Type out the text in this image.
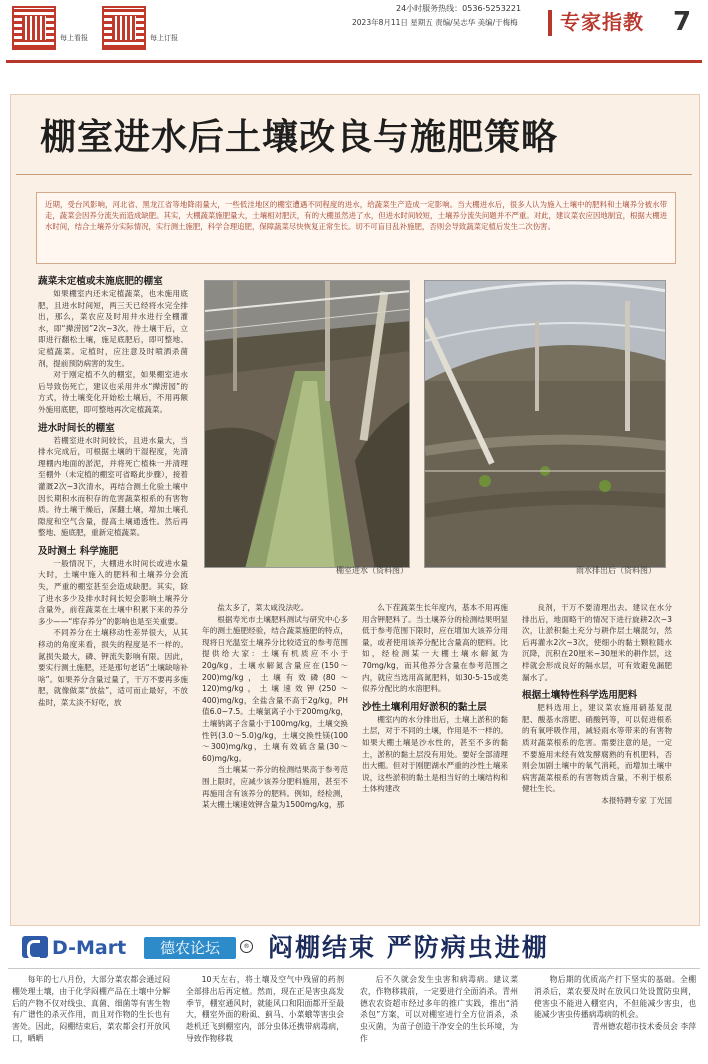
每上看报	每上订报
24小时服务热线：0536-5253221
2023年8月11日 星期五 责编/吴志华 美编/于梅梅 专家指教	7
棚室进水后土壤改良与施肥策略
近期，受台风影响，河北省、黑龙江省等地降雨量大，一些低洼地区的棚室遭遇不同程度的进水，给蔬菜生产造成一定影响。当大棚进水后，很多人认为施入土壤中的肥料和土壤养分被水带走，蔬菜会因养分流失而造成缺肥。其实，大棚蔬菜施肥量大，土壤相对肥沃，有的大棚虽然进了水，但进水时间较短，土壤养分流失问题并不严重。对此，建议菜农应因地制宜，根据大棚进水时间，结合土壤养分实际情况，实行测土施肥，科学合理追肥，保障蔬菜尽快恢复正常生长。切不可盲目乱补施肥，否则会导致蔬菜定植后发生二次伤害。
棚室进水（资料图）	雨水排出后（资料图）

蔬菜未定植或未施底肥的棚室

如果棚室内还未定植蔬菜，也未施用底肥，且进水时间短，两三天已经将水完全排出，那么，菜农应及时用井水进行全棚灌水，即“撵涝园”2次~3次。待土壤干后，立即进行翻松土壤，施足底肥后，即可整地、定植蔬菜。定植时，应注意及时喷洒杀菌剂，提前预防病害的发生。

对于刚定植不久的棚室，如果棚室进水后导致伤死亡，建议也采用井水“撵涝园”的方式，待土壤变化开始松土壤后，不用再额外施用底肥，即可整地再次定植蔬菜。

进水时间长的棚室

若棚室进水时间较长，且进水量大，当排水完成后，可根据土壤的干湿程度，先清理棚内地面的淤泥，并将死亡植株一并清理至棚外（未定植的棚室可省略此步骤），接着灌溉2次~3次清水，再结合测土化验土壤中因长期积水而积存的危害蔬菜根系的有害物质。待土壤干燥后，深翻土壤，增加土壤孔隙度和空气含量，提高土壤通透性。然后再整地、施底肥，重新定植蔬菜。

及时测土 科学施肥

一般情况下，大棚进水时间长或进水量大时，土壤中施入的肥料和土壤养分会流失，严重的棚室甚至会造成缺肥。其实，除了进水多少及排水时间长短会影响土壤养分含量外，前茬蔬菜在土壤中积累下来的养分多少——“库存养分”的影响也是至关重要。

不同养分在土壤移动性差异很大，从其移动的角度来看，损失的程度是不一样的。氮损失最大，磷、钾流失影响有限。因此，要实行测土施肥，还是那句老话“土壤缺啥补啥”。如果养分含量过量了，干万不要再多施肥，就像做菜“放盐”，适可而止最好，不放盐时，菜太淡不好吃，放

盐太多了，菜太咸没法吃。

根据寿光市土壤肥料测试与研究中心多年的测土施肥经验，结合蔬菜施肥的特点，现将日光温室土壤养分比较适宜的参考范围提供给大家：土壤有机质应不小于20g/kg，土壤水解氮含量应在(150～200)mg/kg，土壤有效磷(80～120)mg/kg，土壤速效钾(250～400)mg/kg，全盐含量不高于2g/kg，PH值6.0~7.5。土壤氯离子小于200mg/kg，土壤钠离子含量小于100mg/kg，土壤交换性钙(3.0～5.0)g/kg，土壤交换性镁(100～300)mg/kg，土壤有效硫含量(30～60)mg/kg。

当土壤某一养分的检测结果高于参考范围上限时，应减少该养分肥料施用，甚至不再施用含有该养分的肥料。例如，经检测，某大棚土壤速效钾含量为1500mg/kg，那

么下茬蔬菜生长年度内，基本不用再施用含钾肥料了。当土壤养分的检测结果明显低于参考范围下限时，应在增加大该养分用量，或者使用该养分配比含量高的肥料。比如，经检测某一大棚土壤水解氮为70mg/kg，而其他养分含量在参考范围之内，就应当选用高氮肥料，如30-5-15或类似养分配比的水溶肥料。

沙性土壤利用好淤积的黏土层

棚室内的水分排出后，土壤上淤积的黏土层，对于不同的土壤，作用是不一样的。如果大棚土壤是沙水性的，甚至不多的黏土，淤积的黏土层没有用处。要好全部清理出大棚。但对于刚肥湖水严重的沙性土壤来说，这些淤积的黏土是相当好的土壤结构和土体构建改

良剂，干万不要清理出去。建议在水分排出后，地面略干的情况下进行旋耕2次~3次，让淤积黏土充分与耕作层土壤混匀，然后再灌水2次~3次，使细小的黏土颗粒随水沉降，沉积在20厘米~30厘米的耕作层，这样就会形成良好的隔水层，可有效避免漏肥漏水了。

根据土壤特性科学选用肥料

肥料选用上，建议菜农施用硝基复混肥、酸基水溶肥、硝酸钙等，可以促进根系的有氧呼吸作用，减轻雨水等带来的有害物质对蔬菜根系的危害。需要注意的是，一定不要施用未经有效发酵腐熟的有机肥料，否则会加剧土壤中的氧气消耗，而增加土壤中病害蔬菜根系的有害物质含量，不利于根系健壮生长。

本报特聘专家 丁光国

D-Mart	德农论坛	® 闷棚结束 严防病虫进棚

每年的七八月份，大部分菜农都会通过闷棚处理土壤，由于化学闷棚产品在土壤中分解后的产物不仅对线虫、真菌、细菌等有害生物有广谱性的杀灭作用，而且对作物的生长也有害处。因此，闷棚结束后，菜农都会打开放风口，晒晒

10天左右，将土壤及空气中残留的药剂全部排出后再定植。然而，现在正是害虫高发季节，棚室通风时，就能风口和阳面都开至最大，棚室外面的粉虱、蓟马、小菜蛾等害虫会趁机迁飞到棚室内，部分虫体还携带病毒病，导致作物移栽

后不久就会发生虫害和病毒病。建议菜农，作物移栽前，一定要进行全面消杀。青州德农农资超市经过多年的推广实践，推出“消杀包”方案，可以对棚室进行全方位消杀，杀虫灭菌，为苗子创造干净安全的生长环境，为作

物后期的优质高产打下坚实的基础。全棚消杀后，菜农要及时在放风口处设置防虫网，使害虫不能进入棚室内，不但能减少害虫，也能减少害虫传播病毒病的机会。

青州德农超市技术委员会 李萍
